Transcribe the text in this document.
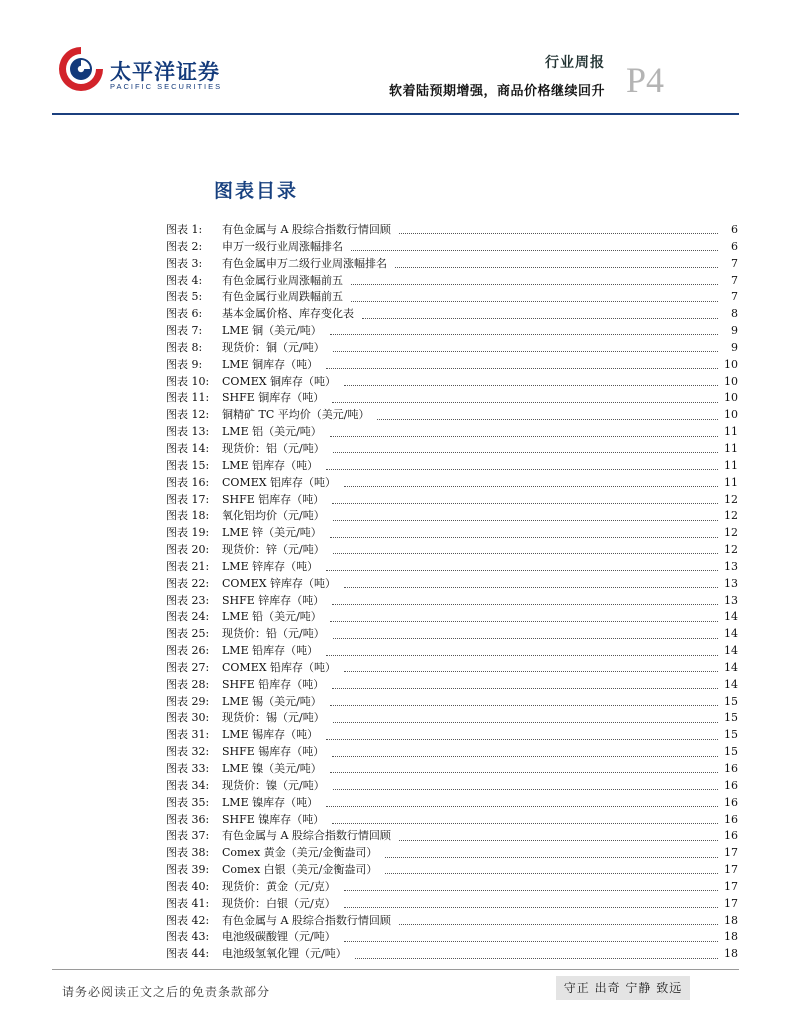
太平洋证券
PACIFIC SECURITIES
行业周报
软着陆预期增强，商品价格继续回升 P4
图表目录
图表 1:	有色金属与 A 股综合指数行情回顾	6
图表 2:	申万一级行业周涨幅排名	6
图表 3:	有色金属申万二级行业周涨幅排名	7
图表 4:	有色金属行业周涨幅前五	7
图表 5:	有色金属行业周跌幅前五	7
图表 6:	基本金属价格、库存变化表	8
图表 7:	LME 铜（美元/吨）	9
图表 8:	现货价：铜（元/吨）	9
图表 9:	LME 铜库存（吨）	10
图表 10:	COMEX 铜库存（吨）	10
图表 11:	SHFE 铜库存（吨）	10
图表 12:	铜精矿 TC 平均价（美元/吨）	10
图表 13:	LME 铝（美元/吨）	11
图表 14:	现货价：铝（元/吨）	11
图表 15:	LME 铝库存（吨）	11
图表 16:	COMEX 铝库存（吨）	11
图表 17:	SHFE 铝库存（吨）	12
图表 18:	氧化铝均价（元/吨）	12
图表 19:	LME 锌（美元/吨）	12
图表 20:	现货价：锌（元/吨）	12
图表 21:	LME 锌库存（吨）	13
图表 22:	COMEX 锌库存（吨）	13
图表 23:	SHFE 锌库存（吨）	13
图表 24:	LME 铅（美元/吨）	14
图表 25:	现货价：铅（元/吨）	14
图表 26:	LME 铅库存（吨）	14
图表 27:	COMEX 铅库存（吨）	14
图表 28:	SHFE 铅库存（吨）	14
图表 29:	LME 锡（美元/吨）	15
图表 30:	现货价：锡（元/吨）	15
图表 31:	LME 锡库存（吨）	15
图表 32:	SHFE 锡库存（吨）	15
图表 33:	LME 镍（美元/吨）	16
图表 34:	现货价：镍（元/吨）	16
图表 35:	LME 镍库存（吨）	16
图表 36:	SHFE 镍库存（吨）	16
图表 37:	有色金属与 A 股综合指数行情回顾	16
图表 38:	Comex 黄金（美元/金衡盎司）	17
图表 39:	Comex 白银（美元/金衡盎司）	17
图表 40:	现货价：黄金（元/克）	17
图表 41:	现货价：白银（元/克）	17
图表 42:	有色金属与 A 股综合指数行情回顾	18
图表 43:	电池级碳酸锂（元/吨）	18
图表 44:	电池级氢氧化锂（元/吨）	18
请务必阅读正文之后的免责条款部分	守正 出奇 宁静 致远
